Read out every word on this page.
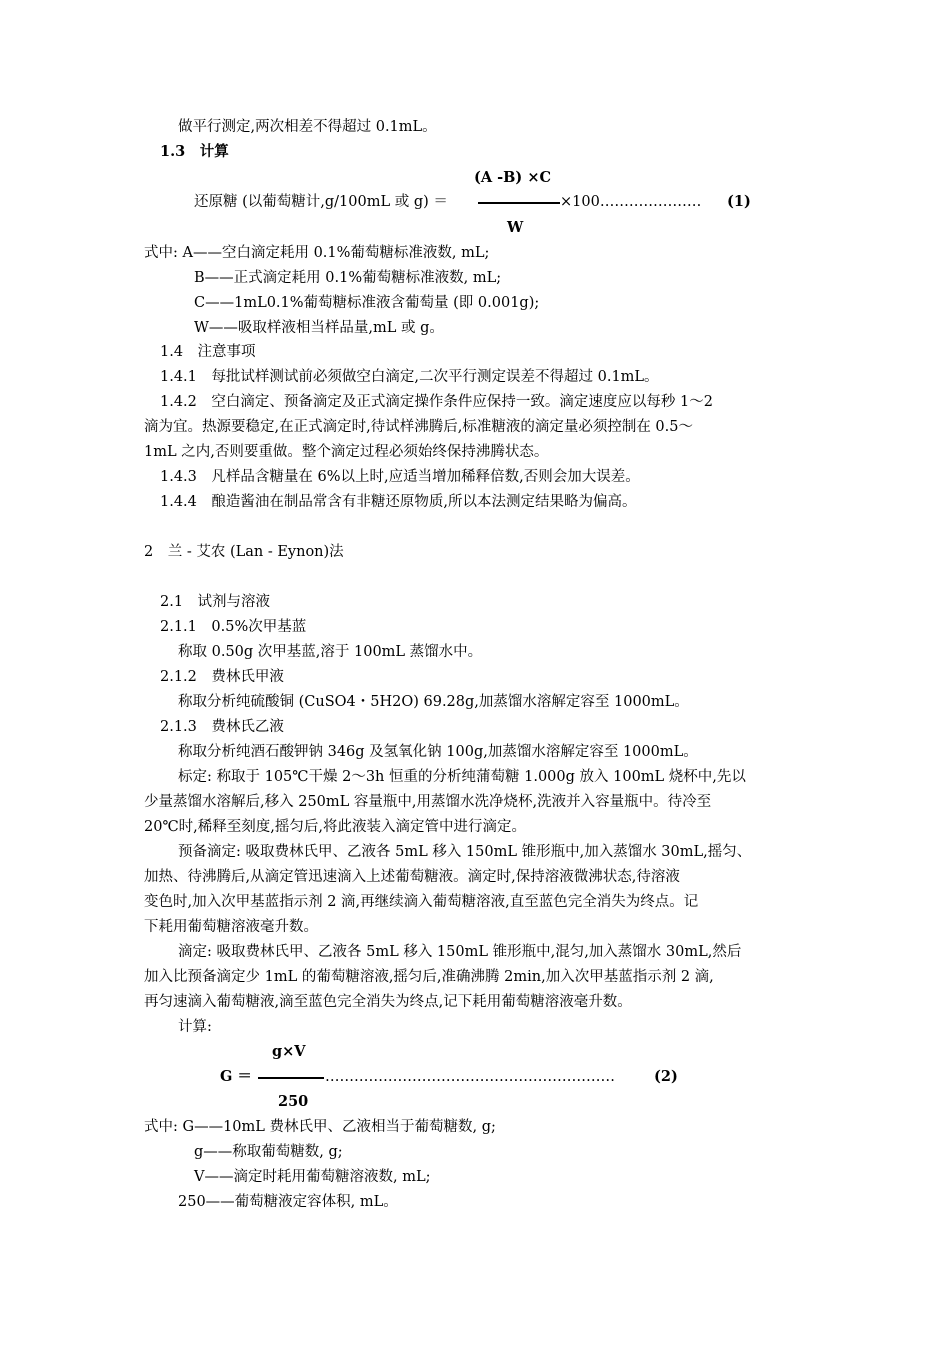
做平行测定,两次相差不得超过 0.1mL。
1.3　计算
(A -B) ×C
还原糖 (以葡萄糖计,g/100mL 或 g) ＝	×100………………… (1)
W
式中: A——空白滴定耗用 0.1%葡萄糖标准液数, mL;
B——正式滴定耗用 0.1%葡萄糖标准液数, mL;
C——1mL0.1%葡萄糖标准液含葡萄量 (即 0.001g);
W——吸取样液相当样品量,mL 或 g。
1.4　注意事项
1.4.1　每批试样测试前必须做空白滴定,二次平行测定误差不得超过 0.1mL。
1.4.2　空白滴定、预备滴定及正式滴定操作条件应保持一致。滴定速度应以每秒 1～2
滴为宜。热源要稳定,在正式滴定时,待试样沸腾后,标准糖液的滴定量必须控制在 0.5～
1mL 之内,否则要重做。整个滴定过程必须始终保持沸腾状态。
1.4.3　凡样品含糖量在 6%以上时,应适当增加稀释倍数,否则会加大误差。
1.4.4　酿造酱油在制品常含有非糖还原物质,所以本法测定结果略为偏高。
2　兰 - 艾农 (Lan - Eynon)法
2.1　试剂与溶液
2.1.1　0.5%次甲基蓝
称取 0.50g 次甲基蓝,溶于 100mL 蒸馏水中。
2.1.2　费林氏甲液
称取分析纯硫酸铜 (CuSO4・5H2O) 69.28g,加蒸馏水溶解定容至 1000mL。
2.1.3　费林氏乙液
称取分析纯酒石酸钾钠 346g 及氢氧化钠 100g,加蒸馏水溶解定容至 1000mL。
标定: 称取于 105℃干燥 2～3h 恒重的分析纯蒲萄糖 1.000g 放入 100mL 烧杯中,先以
少量蒸馏水溶解后,移入 250mL 容量瓶中,用蒸馏水洗净烧杯,洗液并入容量瓶中。待冷至
20℃时,稀释至刻度,摇匀后,将此液装入滴定管中进行滴定。
预备滴定: 吸取费林氏甲、乙液各 5mL 移入 150mL 锥形瓶中,加入蒸馏水 30mL,摇匀、
加热、待沸腾后,从滴定管迅速滴入上述葡萄糖液。滴定时,保持溶液微沸状态,待溶液
变色时,加入次甲基蓝指示剂 2 滴,再继续滴入葡萄糖溶液,直至蓝色完全消失为终点。记
下耗用葡萄糖溶液毫升数。
滴定: 吸取费林氏甲、乙液各 5mL 移入 150mL 锥形瓶中,混匀,加入蒸馏水 30mL,然后
加入比预备滴定少 1mL 的葡萄糖溶液,摇匀后,准确沸腾 2min,加入次甲基蓝指示剂 2 滴,
再匀速滴入葡萄糖液,滴至蓝色完全消失为终点,记下耗用葡萄糖溶液毫升数。
计算:
g×V
G ＝	……………………………………………………	(2)
250
式中: G——10mL 费林氏甲、乙液相当于葡萄糖数, g;
g——称取葡萄糖数, g;
V——滴定时耗用葡萄糖溶液数, mL;
250——葡萄糖液定容体积, mL。
